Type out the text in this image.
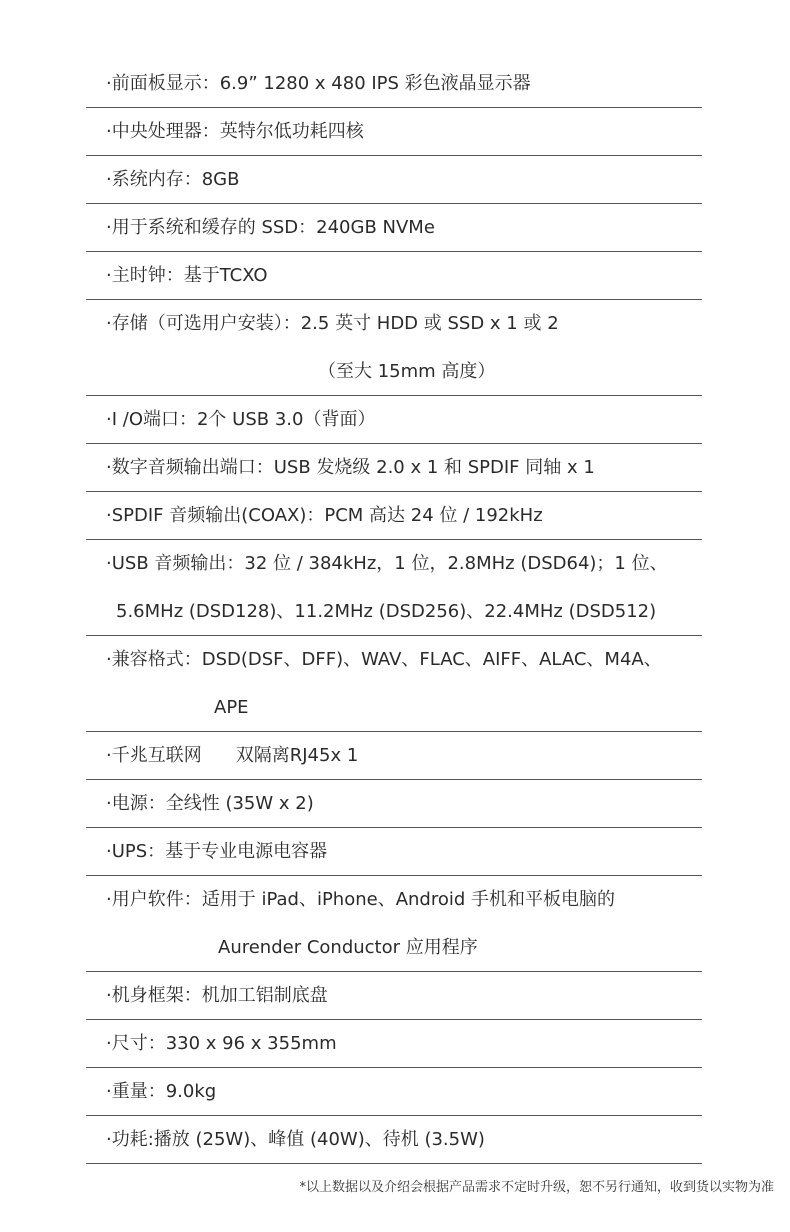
·前面板显示：6.9” 1280 x 480 IPS 彩色液晶显示器
·中央处理器：英特尔低功耗四核
·系统内存：8GB
·用于系统和缓存的 SSD：240GB NVMe
·主时钟：基于TCXO
·存储（可选用户安装）：2.5 英寸 HDD 或 SSD x 1 或 2
（至大 15mm 高度）
·I /O端口：2个 USB 3.0（背面）
·数字音频输出端口：USB 发烧级 2.0 x 1 和 SPDIF 同轴 x 1
·SPDIF 音频输出(COAX)：PCM 高达 24 位 / 192kHz
·USB 音频输出：32 位 / 384kHz，1 位，2.8MHz (DSD64)；1 位、
5.6MHz (DSD128)、11.2MHz (DSD256)、22.4MHz (DSD512)
·兼容格式：DSD(DSF、DFF)、WAV、FLAC、AIFF、ALAC、M4A、
APE
·千兆互联网 双隔离RJ45x 1
·电源：全线性 (35W x 2)
·UPS：基于专业电源电容器
·用户软件：适用于 iPad、iPhone、Android 手机和平板电脑的
Aurender Conductor 应用程序
·机身框架：机加工铝制底盘
·尺寸：330 x 96 x 355mm
·重量：9.0kg
·功耗:播放 (25W)、峰值 (40W)、待机 (3.5W)
*以上数据以及介绍会根据产品需求不定时升级，恕不另行通知，收到货以实物为准
